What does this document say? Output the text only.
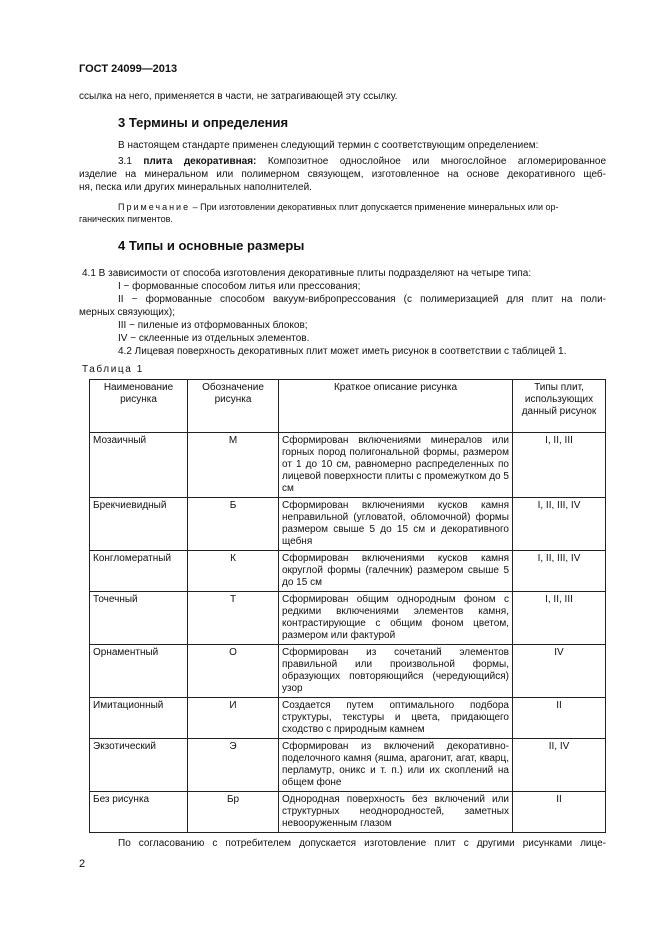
ГОСТ 24099—2013
ссылка на него, применяется в части, не затрагивающей эту ссылку.
3 Термины и определения
В настоящем стандарте применен следующий термин с соответствующим определением:
3.1 плита декоративная: Композитное однослойное или многослойное агломерированное
изделие на минеральном или полимерном связующем, изготовленное на основе декоративного щеб-
ня, песка или других минеральных наполнителей.
Примечание – При изготовлении декоративных плит допускается применение минеральных или ор-
ганических пигментов.
4 Типы и основные размеры
4.1 В зависимости от способа изготовления декоративные плиты подразделяют на четыре типа:
I − формованные способом литья или прессования;
II − формованные способом вакуум-вибропрессования (с полимеризацией для плит на поли-
мерных связующих);
III − пиленые из отформованных блоков;
IV − склеенные из отдельных элементов.
4.2 Лицевая поверхность декоративных плит может иметь рисунок в соответствии с таблицей 1.
Таблица 1
Наименование рисунка	Обозначение рисунка	Краткое описание рисунка	Типы плит, использующих данный рисунок
Мозаичный	М	Сформирован включениями минералов или горных пород полигональной формы, размером от 1 до 10 см, равномерно распределенных по лицевой поверхности плиты с промежутком до 5 см	I, II, III
Брекчиевидный	Б	Сформирован включениями кусков камня неправильной (угловатой, обломочной) формы размером свыше 5 до 15 см и декоративного щебня	I, II, III, IV
Конгломератный	К	Сформирован включениями кусков камня округлой формы (галечник) размером свыше 5 до 15 см	I, II, III, IV
Точечный	Т	Сформирован общим однородным фоном с редкими включениями элементов камня, контрастирующие с общим фоном цветом, размером или фактурой	I, II, III
Орнаментный	О	Сформирован из сочетаний элементов правильной или произвольной формы, образующих повторяющийся (чередующийся) узор	IV
Имитационный	И	Создается путем оптимального подбора структуры, текстуры и цвета, придающего сходство с природным камнем	II
Экзотический	Э	Сформирован из включений декоративно-поделочного камня (яшма, арагонит, агат, кварц, перламутр, оникс и т. п.) или их скоплений на общем фоне	II, IV
Без рисунка	Бр	Однородная поверхность без включений или структурных неоднородностей, заметных невооруженным глазом	II
По согласованию с потребителем допускается изготовление плит с другими рисунками лице-
2
